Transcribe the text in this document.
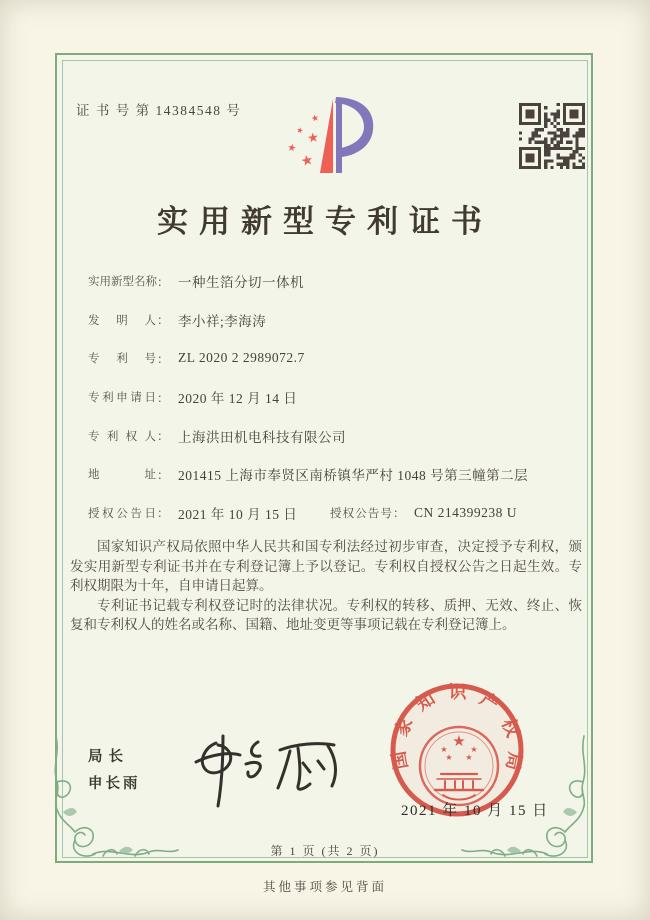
证 书 号 第 14384548 号
★
★ ★
★
★
实用新型专利证书
实用新型名称 ： 一种生箔分切一体机
发明人 ： 李小祥;李海涛
专利号 ： ZL 2020 2 2989072.7
专利申请日 ： 2020 年 12 月 14 日
专利权人 ： 上海洪田机电科技有限公司
地址 ： 201415 上海市奉贤区南桥镇华严村 1048 号第三幢第二层
授权公告日 ： 2021 年 10 月 15 日	授权公告号 ： CN 214399238 U

国家知识产权局依照中华人民共和国专利法经过初步审查，决定授予专利权，颁发实用新型专利证书并在专利登记簿上予以登记。专利权自授权公告之日起生效。专利权期限为十年，自申请日起算。

专利证书记载专利权登记时的法律状况。专利权的转移、质押、无效、终止、恢复和专利权人的姓名或名称、国籍、地址变更等事项记载在专利登记簿上。

局长
申长雨
国家知识产权局
★
★	★
★ ★
2021 年 10 月 15 日
第 1 页 (共 2 页)
其他事项参见背面
